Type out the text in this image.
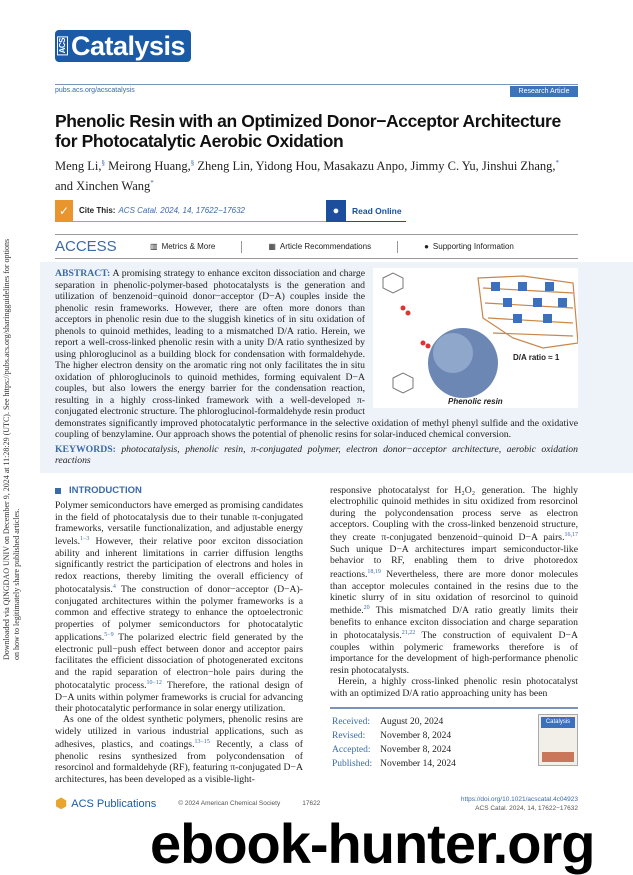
Downloaded via QINGDAO UNIV on December 9, 2024 at 11:28:29 (UTC). See https://pubs.acs.org/sharingguidelines for options on how to legitimately share published articles.
ACS Catalysis
pubs.acs.org/acscatalysis	Research Article
Phenolic Resin with an Optimized Donor−Acceptor Architecture for Photocatalytic Aerobic Oxidation
Meng Li,§ Meirong Huang,§ Zheng Lin, Yidong Hou, Masakazu Anpo, Jimmy C. Yu, Jinshui Zhang,* and Xinchen Wang*
✓	Cite This: ACS Catal. 2024, 14, 17622−17632	●	Read Online
ACCESS	▥ Metrics & More	▦ Article Recommendations	● Supporting Information
D/A ratio ≈ 1
Phenolic resin
ABSTRACT: A promising strategy to enhance exciton dissociation and charge separation in phenolic-polymer-based photocatalysts is the generation and utilization of benzenoid−quinoid donor−acceptor (D−A) couples inside the phenolic resin frameworks. However, there are often more donors than acceptors in phenolic resin due to the sluggish kinetics of in situ oxidation of phenols to quinoid methides, leading to a mismatched D/A ratio. Herein, we report a well-cross-linked phenolic resin with a unity D/A ratio synthesized by using phloroglucinol as a building block for condensation with formaldehyde. The higher electron density on the aromatic ring not only facilitates the in situ oxidation of phloroglucinols to quinoid methides, forming equivalent D−A couples, but also lowers the energy barrier for the condensation reaction, resulting in a highly cross-linked framework with a well-developed π-conjugated electronic structure. The phloroglucinol-formaldehyde resin product demonstrates significantly improved photocatalytic performance in the selective oxidation of methyl phenyl sulfide and the oxidative coupling of benzylamine. Our approach shows the potential of phenolic resins for solar-induced chemical conversion.
KEYWORDS: photocatalysis, phenolic resin, π-conjugated polymer, electron donor−acceptor architecture, aerobic oxidation reactions
INTRODUCTION

Polymer semiconductors have emerged as promising candidates in the field of photocatalysis due to their tunable π-conjugated frameworks, versatile functionalization, and adjustable energy levels.$^{1-3}$ However, their relative poor exciton dissociation ability and inherent limitations in carrier diffusion lengths significantly restrict the participation of electrons and holes in redox reactions, thereby limiting the overall efficiency of photocatalysis.$^4$ The construction of donor−acceptor (D−A)-conjugated architectures within the polymer frameworks is a common and effective strategy to enhance the optoelectronic properties of polymer semiconductors for photocatalytic applications.$^{5-9}$ The polarized electric field generated by the electronic pull−push effect between donor and acceptor pairs facilitates the efficient dissociation of photogenerated excitons and the rapid separation of electron−hole pairs during the photocatalytic process.$^{10-12}$ Therefore, the rational design of D−A units within polymer frameworks is crucial for advancing their photocatalytic performance in solar energy utilization.

As one of the oldest synthetic polymers, phenolic resins are widely utilized in various industrial applications, such as adhesives, plastics, and coatings.$^{13-15}$ Recently, a class of phenolic resins synthesized from polycondensation of resorcinol and formaldehyde (RF), featuring π-conjugated D−A architectures, has been developed as a visible-light-

responsive photocatalyst for H₂O₂ generation. The highly electrophilic quinoid methides in situ oxidized from resorcinol during the polycondensation process serve as electron acceptors. Coupling with the cross-linked benzenoid structure, they create π-conjugated benzenoid−quinoid D−A pairs.$^{16,17}$ Such unique D−A architectures impart semiconductor-like behavior to RF, enabling them to drive photoredox reactions.$^{18,19}$ Nevertheless, there are more donor molecules than acceptor molecules contained in the resins due to the kinetic slurry of in situ oxidation of resorcinol to quinoid methide.$^{20}$ This mismatched D/A ratio greatly limits their benefits to enhance exciton dissociation and charge separation in photocatalysis.$^{21,22}$ The construction of equivalent D−A couples within polymeric frameworks therefore is of importance for the development of high-performance phenolic resin photocatalysts.

Herein, a highly cross-linked phenolic resin photocatalyst with an optimized D/A ratio approaching unity has been

Received:	August 20, 2024
Revised:	November 8, 2024
Accepted:	November 8, 2024
Published:	November 14, 2024
Catalysis
⬢ ACS Publications	© 2024 American Chemical Society	17622
https://doi.org/10.1021/acscatal.4c04923
ACS Catal. 2024, 14, 17622−17632
ebook-hunter.org
